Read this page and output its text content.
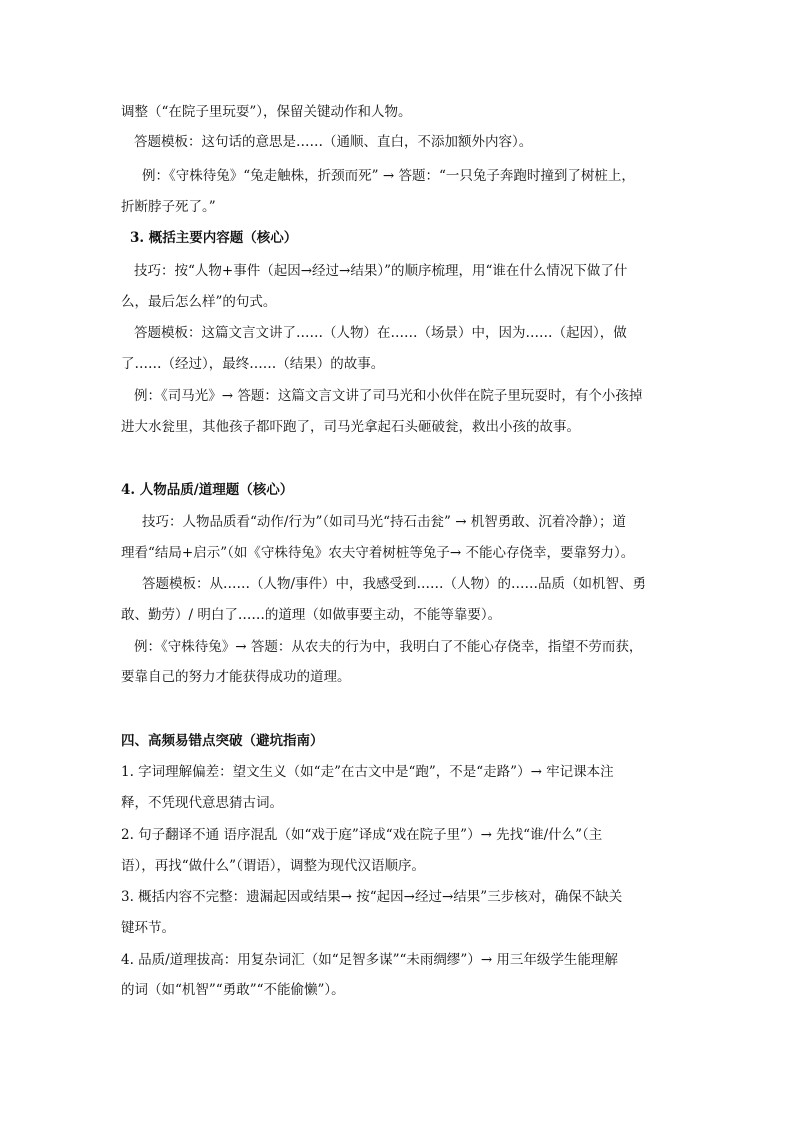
调整（“在院子里玩耍”），保留关键动作和人物。
答题模板：这句话的意思是……（通顺、直白，不添加额外内容）。
例：《守株待兔》“兔走触株，折颈而死” → 答题：“一只兔子奔跑时撞到了树桩上，
折断脖子死了。”
3. 概括主要内容题（核心）
技巧：按“人物+事件（起因→经过→结果）”的顺序梳理，用“谁在什么情况下做了什
么，最后怎么样”的句式。
答题模板：这篇文言文讲了……（人物）在……（场景）中，因为……（起因），做
了……（经过），最终……（结果）的故事。
例：《司马光》→ 答题：这篇文言文讲了司马光和小伙伴在院子里玩耍时，有个小孩掉
进大水瓮里，其他孩子都吓跑了，司马光拿起石头砸破瓮，救出小孩的故事。
4. 人物品质/道理题（核心）
技巧：人物品质看“动作/行为”（如司马光“持石击瓮” → 机智勇敢、沉着冷静）；道
理看“结局+启示”（如《守株待兔》农夫守着树桩等兔子→ 不能心存侥幸，要靠努力）。
答题模板：从……（人物/事件）中，我感受到……（人物）的……品质（如机智、勇
敢、勤劳）/ 明白了……的道理（如做事要主动，不能等靠要）。
例：《守株待兔》→ 答题：从农夫的行为中，我明白了不能心存侥幸，指望不劳而获，
要靠自己的努力才能获得成功的道理。
四、高频易错点突破（避坑指南）
1. 字词理解偏差：望文生义（如“走”在古文中是“跑”，不是“走路”）→ 牢记课本注
释，不凭现代意思猜古词。
2. 句子翻译不通 语序混乱（如“戏于庭”译成“戏在院子里”）→ 先找“谁/什么”（主
语），再找“做什么”（谓语），调整为现代汉语顺序。
3. 概括内容不完整：遗漏起因或结果→ 按“起因→经过→结果”三步核对，确保不缺关
键环节。
4. 品质/道理拔高：用复杂词汇（如“足智多谋”“未雨绸缪”）→ 用三年级学生能理解
的词（如“机智”“勇敢”“不能偷懒”）。
